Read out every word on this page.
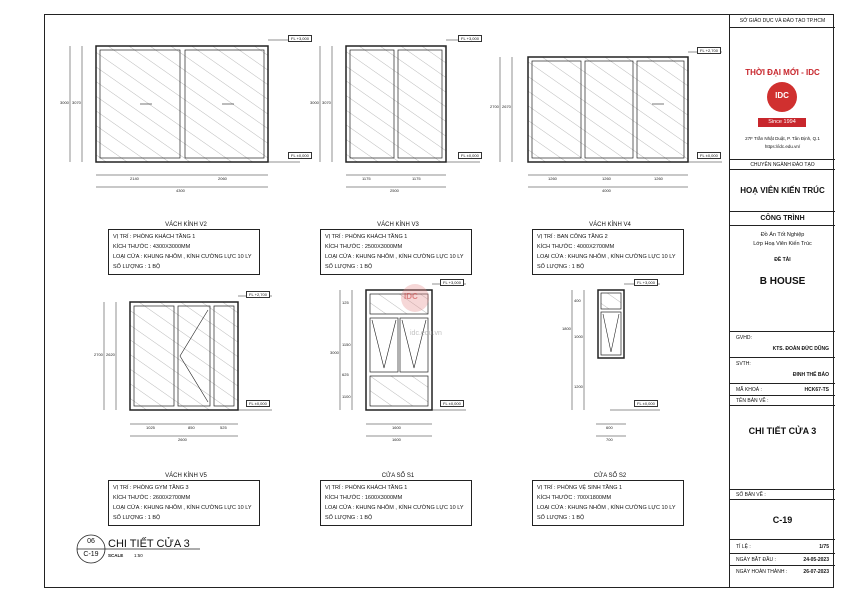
FL +3,000
FL ±0,000
FL +3,000
FL ±0,000
FL +2,700
FL ±0,000
FL +2,700
FL ±0,000
FL +3,000
FL ±0,000
FL +3,000
FL ±0,000
2140	2060
4300
3000 3070
1175	1175
2500
3000 3070
1260	1260	1260
4000
2700 2670
1025	850	525
2600
2700 2620
1600
1600
3000
125
1150
625
1100
600
700
1800
400
1000
1200
idc.edu.vn
IDC
VÁCH KÍNH V2	VÁCH KÍNH V3	VÁCH KÍNH V4
VÁCH KÍNH V5	CỬA SỔ S1	CỬA SỔ S2
VỊ TRÍ : PHÒNG KHÁCH TẦNG 1
KÍCH THƯỚC : 4300X3000MM
LOẠI CỬA : KHUNG NHÔM , KÍNH CƯỜNG LỰC 10 LY
SỐ LƯỢNG : 1 BỘ
VỊ TRÍ : PHÒNG KHÁCH TẦNG 1
KÍCH THƯỚC : 2500X3000MM
LOẠI CỬA : KHUNG NHÔM , KÍNH CƯỜNG LỰC 10 LY
SỐ LƯỢNG : 1 BỘ
VỊ TRÍ : BAN CÔNG TẦNG 2
KÍCH THƯỚC : 4000X2700MM
LOẠI CỬA : KHUNG NHÔM , KÍNH CƯỜNG LỰC 10 LY
SỐ LƯỢNG : 1 BỘ
VỊ TRÍ : PHÒNG GYM TẦNG 3
KÍCH THƯỚC : 2600X2700MM
LOẠI CỬA : KHUNG NHÔM , KÍNH CƯỜNG LỰC 10 LY
SỐ LƯỢNG : 1 BỘ
VỊ TRÍ : PHÒNG KHÁCH TẦNG 1
KÍCH THƯỚC : 1600X3000MM
LOẠI CỬA : KHUNG NHÔM , KÍNH CƯỜNG LỰC 10 LY
SỐ LƯỢNG : 1 BỘ
VỊ TRÍ : PHÒNG VỆ SINH TẦNG 1
KÍCH THƯỚC : 700X1800MM
LOẠI CỬA : KHUNG NHÔM , KÍNH CƯỜNG LỰC 10 LY
SỐ LƯỢNG : 1 BỘ
06
C-19
CHI TIẾT CỬA 3
SCALE 1:50
SỞ GIÁO DỤC VÀ ĐÀO TẠO TP.HCM
THỜI ĐẠI MỚI - IDC
IDC
Since 1994
27F Trần Nhật Duật, P. Tân Định, Q.1
https://idc.edu.vn/
CHUYÊN NGÀNH ĐÀO TẠO
HOẠ VIÊN KIẾN TRÚC
CÔNG TRÌNH
Đồ Án Tốt Nghiệp
Lớp Hoạ Viên Kiến Trúc
ĐỀ TÀI
B HOUSE
GVHD:
KTS. ĐOÀN ĐỨC DŨNG
SVTH:
ĐINH THẾ BẢO
MÃ KHOÁ :	HCK67-TS
TÊN BẢN VẼ :
CHI TIẾT CỬA 3
SỐ BẢN VẼ :
C-19
TỈ LỆ :	1/75
NGÀY BẮT ĐẦU :	24-05-2023
NGÀY HOÀN THÀNH :	26-07-2023
